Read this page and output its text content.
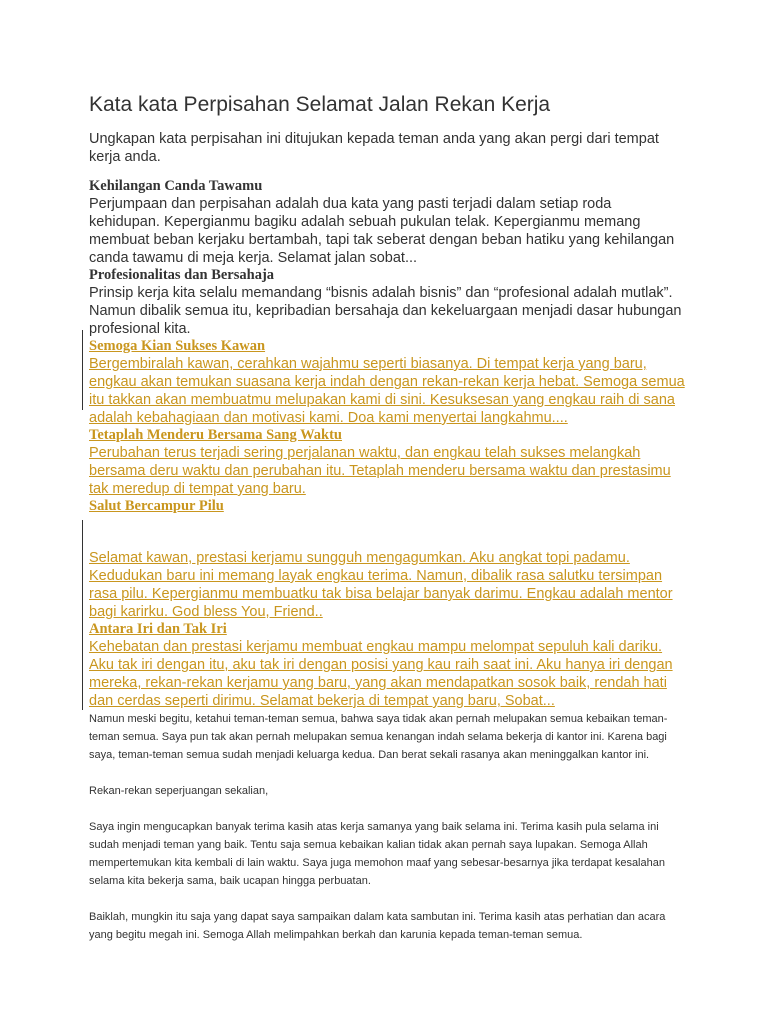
Kata kata Perpisahan Selamat Jalan Rekan Kerja

Ungkapan kata perpisahan ini ditujukan kepada teman anda yang akan pergi dari tempat kerja anda.

Kehilangan Canda Tawamu

Perjumpaan dan perpisahan adalah dua kata yang pasti terjadi dalam setiap roda kehidupan. Kepergianmu bagiku adalah sebuah pukulan telak. Kepergianmu memang membuat beban kerjaku bertambah, tapi tak seberat dengan beban hatiku yang kehilangan canda tawamu di meja kerja. Selamat jalan sobat...

Profesionalitas dan Bersahaja

Prinsip kerja kita selalu memandang “bisnis adalah bisnis” dan “profesional adalah mutlak”. Namun dibalik semua itu, kepribadian bersahaja dan kekeluargaan menjadi dasar hubungan profesional kita.

Semoga Kian Sukses Kawan

Bergembiralah kawan, cerahkan wajahmu seperti biasanya. Di tempat kerja yang baru, engkau akan temukan suasana kerja indah dengan rekan-rekan kerja hebat. Semoga semua itu takkan akan membuatmu melupakan kami di sini. Kesuksesan yang engkau raih di sana adalah kebahagiaan dan motivasi kami. Doa kami menyertai langkahmu....

Tetaplah Menderu Bersama Sang Waktu

Perubahan terus terjadi sering perjalanan waktu, dan engkau telah sukses melangkah bersama deru waktu dan perubahan itu. Tetaplah menderu bersama waktu dan prestasimu tak meredup di tempat yang baru.

Salut Bercampur Pilu

Selamat kawan, prestasi kerjamu sungguh mengagumkan. Aku angkat topi padamu. Kedudukan baru ini memang layak engkau terima. Namun, dibalik rasa salutku tersimpan rasa pilu. Kepergianmu membuatku tak bisa belajar banyak darimu. Engkau adalah mentor bagi karirku. God bless You, Friend..

Antara Iri dan Tak Iri

Kehebatan dan prestasi kerjamu membuat engkau mampu melompat sepuluh kali dariku. Aku tak iri dengan itu, aku tak iri dengan posisi yang kau raih saat ini. Aku hanya iri dengan mereka, rekan-rekan kerjamu yang baru, yang akan mendapatkan sosok baik, rendah hati dan cerdas seperti dirimu. Selamat bekerja di tempat yang baru, Sobat...

Namun meski begitu, ketahui teman-teman semua, bahwa saya tidak akan pernah melupakan semua kebaikan teman-teman semua. Saya pun tak akan pernah melupakan semua kenangan indah selama bekerja di kantor ini. Karena bagi saya, teman-teman semua sudah menjadi keluarga kedua. Dan berat sekali rasanya akan meninggalkan kantor ini.

Rekan-rekan seperjuangan sekalian,

Saya ingin mengucapkan banyak terima kasih atas kerja samanya yang baik selama ini. Terima kasih pula selama ini sudah menjadi teman yang baik. Tentu saja semua kebaikan kalian tidak akan pernah saya lupakan. Semoga Allah mempertemukan kita kembali di lain waktu. Saya juga memohon maaf yang sebesar-besarnya jika terdapat kesalahan selama kita bekerja sama, baik ucapan hingga perbuatan.

Baiklah, mungkin itu saja yang dapat saya sampaikan dalam kata sambutan ini. Terima kasih atas perhatian dan acara yang begitu megah ini. Semoga Allah melimpahkan berkah dan karunia kepada teman-teman semua.
